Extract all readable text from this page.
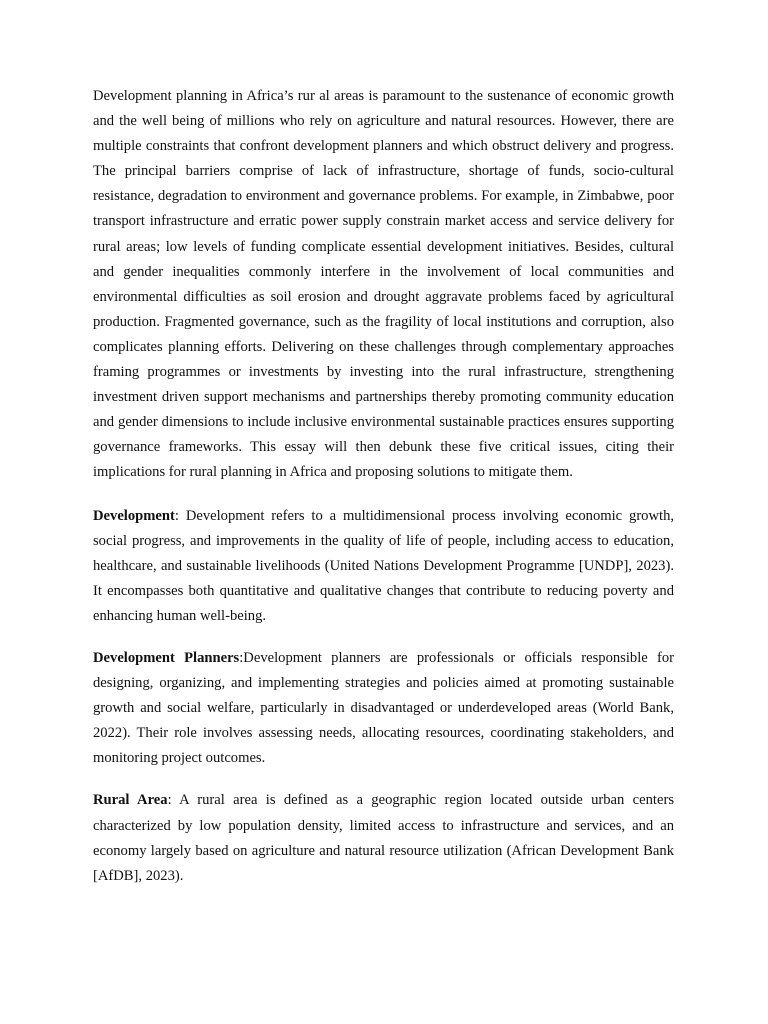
Development planning in Africa’s rur al areas is paramount to the sustenance of economic growth and the well being of millions who rely on agriculture and natural resources. However, there are multiple constraints that confront development planners and which obstruct delivery and progress. The principal barriers comprise of lack of infrastructure, shortage of funds, socio-cultural resistance, degradation to environment and governance problems. For example, in Zimbabwe, poor transport infrastructure and erratic power supply constrain market access and service delivery for rural areas; low levels of funding complicate essential development initiatives. Besides, cultural and gender inequalities commonly interfere in the involvement of local communities and environmental difficulties as soil erosion and drought aggravate problems faced by agricultural production. Fragmented governance, such as the fragility of local institutions and corruption, also complicates planning efforts. Delivering on these challenges through complementary approaches framing programmes or investments by investing into the rural infrastructure, strengthening investment driven support mechanisms and partnerships thereby promoting community education and gender dimensions to include inclusive environmental sustainable practices ensures supporting governance frameworks. This essay will then debunk these five critical issues, citing their implications for rural planning in Africa and proposing solutions to mitigate them.

Development: Development refers to a multidimensional process involving economic growth, social progress, and improvements in the quality of life of people, including access to education, healthcare, and sustainable livelihoods (United Nations Development Programme [UNDP], 2023). It encompasses both quantitative and qualitative changes that contribute to reducing poverty and enhancing human well-being.

Development Planners:Development planners are professionals or officials responsible for designing, organizing, and implementing strategies and policies aimed at promoting sustainable growth and social welfare, particularly in disadvantaged or underdeveloped areas (World Bank, 2022). Their role involves assessing needs, allocating resources, coordinating stakeholders, and monitoring project outcomes.

Rural Area: A rural area is defined as a geographic region located outside urban centers characterized by low population density, limited access to infrastructure and services, and an economy largely based on agriculture and natural resource utilization (African Development Bank [AfDB], 2023).
